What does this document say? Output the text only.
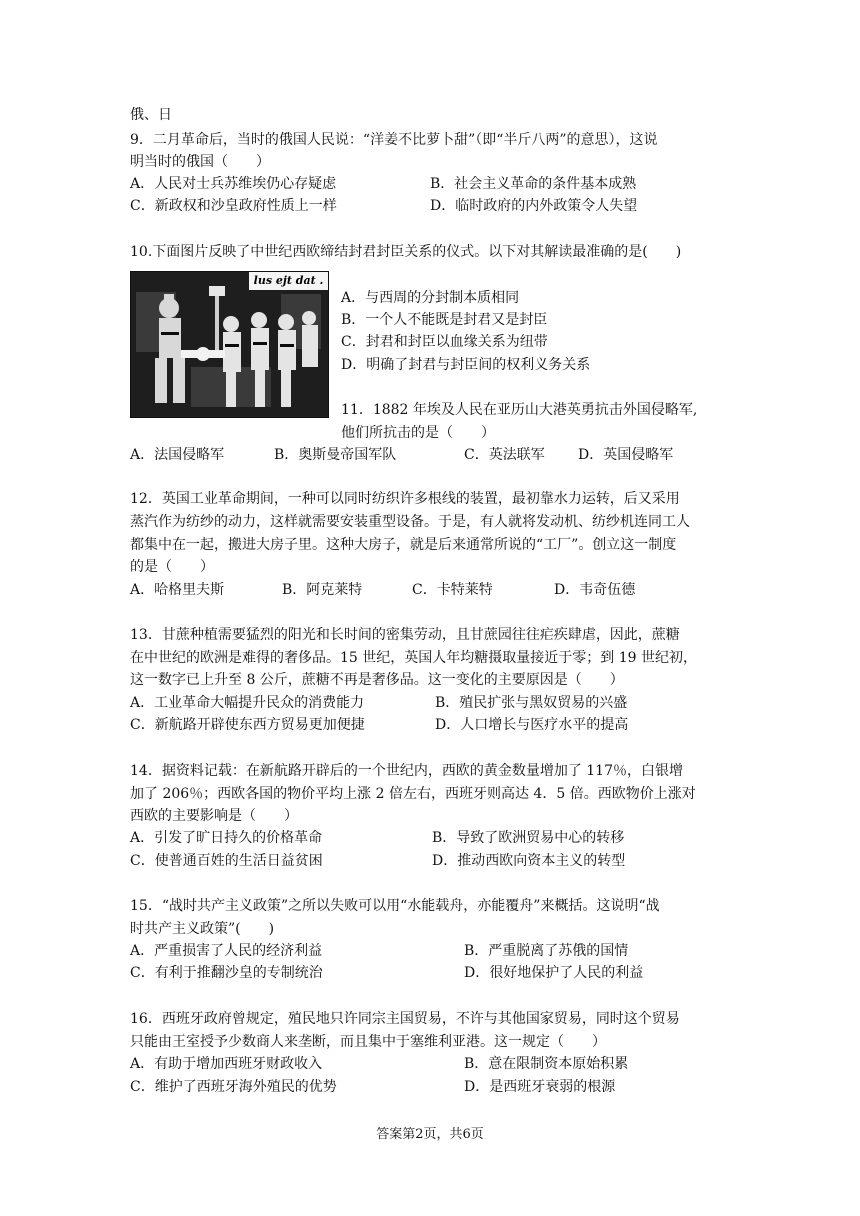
俄、日
9．二月革命后，当时的俄国人民说：“洋姜不比萝卜甜”（即“半斤八两”的意思），这说
明当时的俄国（　　）
A．人民对士兵苏维埃仍心存疑虑	B．社会主义革命的条件基本成熟
C．新政权和沙皇政府性质上一样	D．临时政府的内外政策令人失望
10.下面图片反映了中世纪西欧缔结封君封臣关系的仪式。以下对其解读最准确的是(　　)
lus ejt dat .
A．与西周的分封制本质相同
B．一个人不能既是封君又是封臣
C．封君和封臣以血缘关系为纽带
D．明确了封君与封臣间的权利义务关系
11．1882 年埃及人民在亚历山大港英勇抗击外国侵略军,
他们所抗击的是（　　）
A．法国侵略军	B．奥斯曼帝国军队	C．英法联军 D．英国侵略军
12．英国工业革命期间，一种可以同时纺织许多根线的装置，最初靠水力运转，后又采用
蒸汽作为纺纱的动力，这样就需要安装重型设备。于是，有人就将发动机、纺纱机连同工人
都集中在一起，搬进大房子里。这种大房子，就是后来通常所说的“工厂”。创立这一制度
的是（　　）
A．哈格里夫斯	B．阿克莱特	C．卡特莱特	D．韦奇伍德
13．甘蔗种植需要猛烈的阳光和长时间的密集劳动，且甘蔗园往往疟疾肆虐，因此，蔗糖
在中世纪的欧洲是难得的奢侈品。15 世纪，英国人年均糖摄取量接近于零；到 19 世纪初，
这一数字已上升至 8 公斤，蔗糖不再是奢侈品。这一变化的主要原因是（　　）
A．工业革命大幅提升民众的消费能力	B．殖民扩张与黑奴贸易的兴盛
C．新航路开辟使东西方贸易更加便捷	D．人口增长与医疗水平的提高
14．据资料记载：在新航路开辟后的一个世纪内，西欧的黄金数量增加了 117％，白银增
加了 206％；西欧各国的物价平均上涨 2 倍左右，西班牙则高达 4．5 倍。西欧物价上涨对
西欧的主要影响是（　　）
A．引发了旷日持久的价格革命	B．导致了欧洲贸易中心的转移
C．使普通百姓的生活日益贫困	D．推动西欧向资本主义的转型
15．“战时共产主义政策”之所以失败可以用“水能载舟，亦能覆舟”来概括。这说明“战
时共产主义政策”(　　)
A．严重损害了人民的经济利益	B．严重脱离了苏俄的国情
C．有利于推翻沙皇的专制统治	D．很好地保护了人民的利益
16．西班牙政府曾规定，殖民地只许同宗主国贸易，不许与其他国家贸易，同时这个贸易
只能由王室授予少数商人来垄断，而且集中于塞维利亚港。这一规定（　　）
A．有助于增加西班牙财政收入	B．意在限制资本原始积累
C．维护了西班牙海外殖民的优势	D．是西班牙衰弱的根源
答案第2页，共6页
